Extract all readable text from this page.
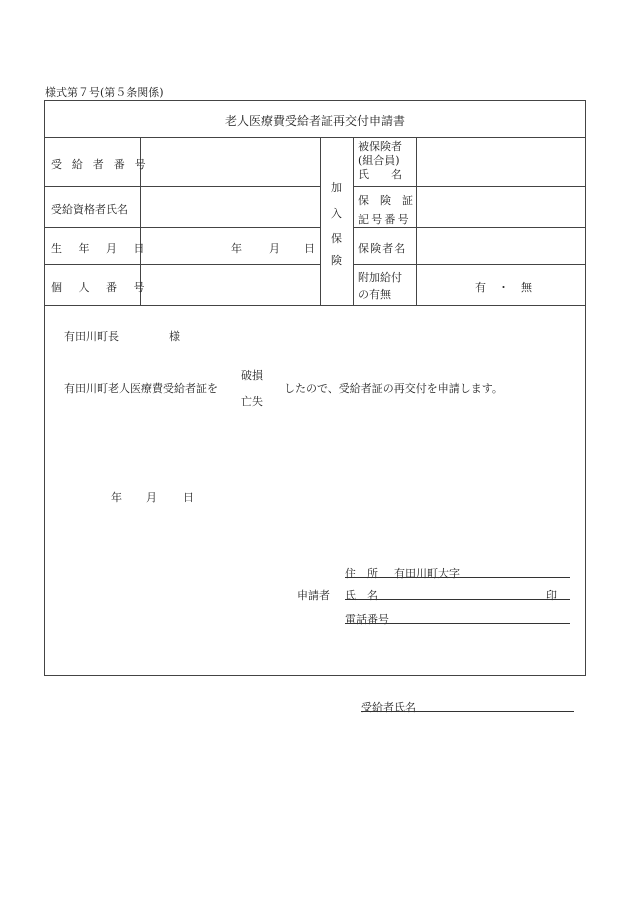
様式第７号(第５条関係)
老人医療費受給者証再交付申請書
受給者番号
受給資格者氏名
生年月日
個人番号
年 月 日
加
入
保
険
被保険者
(組合員)
氏　　名
保　険　証
記号番号
保険者名
附加給付
の有無
有 ・ 無
有田川町長	様
有田川町老人医療費受給者証を
破損
亡失
したので、受給者証の再交付を申請します。
年 月 日
申請者
住　所 有田川町大字
氏　名	印
電話番号
受給者氏名
